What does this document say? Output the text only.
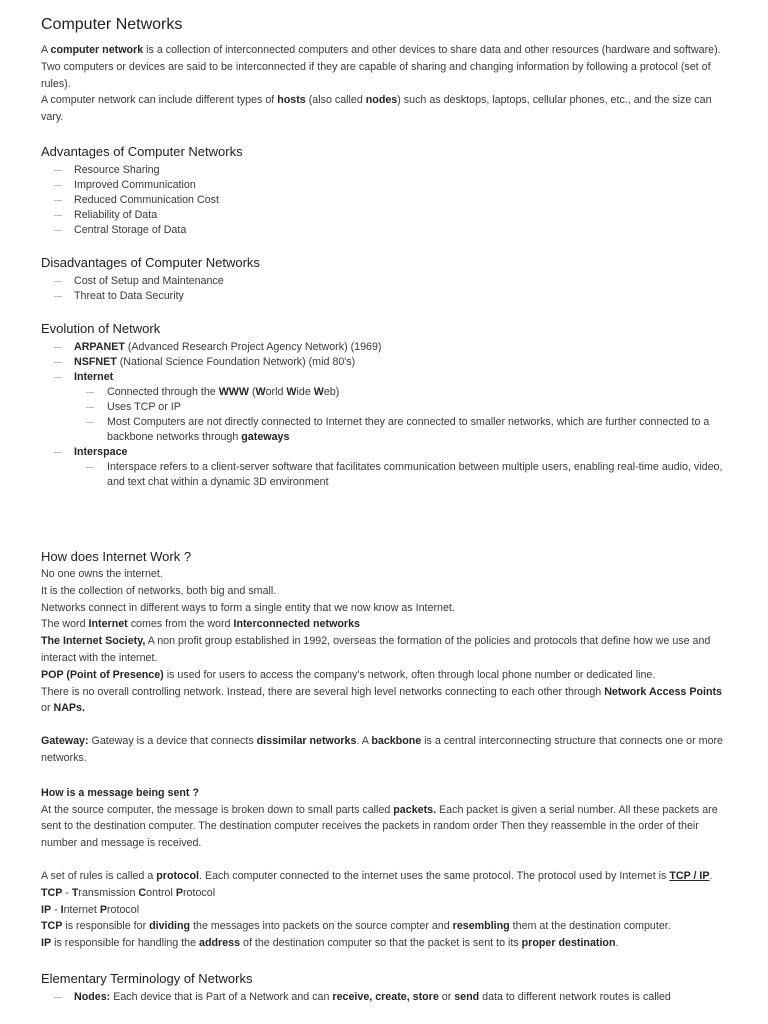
Computer Networks

A computer network is a collection of interconnected computers and other devices to share data and other resources (hardware and software).

Two computers or devices are said to be interconnected if they are capable of sharing and changing information by following a protocol (set of rules).

A computer network can include different types of hosts (also called nodes) such as desktops, laptops, cellular phones, etc., and the size can vary.

Advantages of Computer Networks
Resource Sharing
Improved Communication
Reduced Communication Cost
Reliability of Data
Central Storage of Data
Disadvantages of Computer Networks
Cost of Setup and Maintenance
Threat to Data Security
Evolution of Network
ARPANET (Advanced Research Project Agency Network) (1969)
NSFNET (National Science Foundation Network) (mid 80's)
Internet
Connected through the WWW (World Wide Web)
Uses TCP or IP
Most Computers are not directly connected to Internet they are connected to smaller networks, which are further connected to a backbone networks through gateways
Interspace
Interspace refers to a client-server software that facilitates communication between multiple users, enabling real-time audio, video, and text chat within a dynamic 3D environment
How does Internet Work ?

No one owns the internet.

It is the collection of networks, both big and small.

Networks connect in different ways to form a single entity that we now know as Internet.

The word Internet comes from the word Interconnected networks

The Internet Society, A non profit group established in 1992, overseas the formation of the policies and protocols that define how we use and interact with the internet.

POP (Point of Presence) is used for users to access the company's network, often through local phone number or dedicated line.

There is no overall controlling network. Instead, there are several high level networks connecting to each other through Network Access Points or NAPs.

Gateway: Gateway is a device that connects dissimilar networks. A backbone is a central interconnecting structure that connects one or more networks.

How is a message being sent ?

At the source computer, the message is broken down to small parts called packets. Each packet is given a serial number. All these packets are sent to the destination computer. The destination computer receives the packets in random order Then they reassemble in the order of their number and message is received.

A set of rules is called a protocol. Each computer connected to the internet uses the same protocol. The protocol used by Internet is TCP / IP.

TCP - Transmission Control Protocol

IP - Internet Protocol

TCP is responsible for dividing the messages into packets on the source compter and resembling them at the destination computer.

IP is responsible for handling the address of the destination computer so that the packet is sent to its proper destination.

Elementary Terminology of Networks
Nodes: Each device that is Part of a Network and can receive, create, store or send data to different network routes is called
